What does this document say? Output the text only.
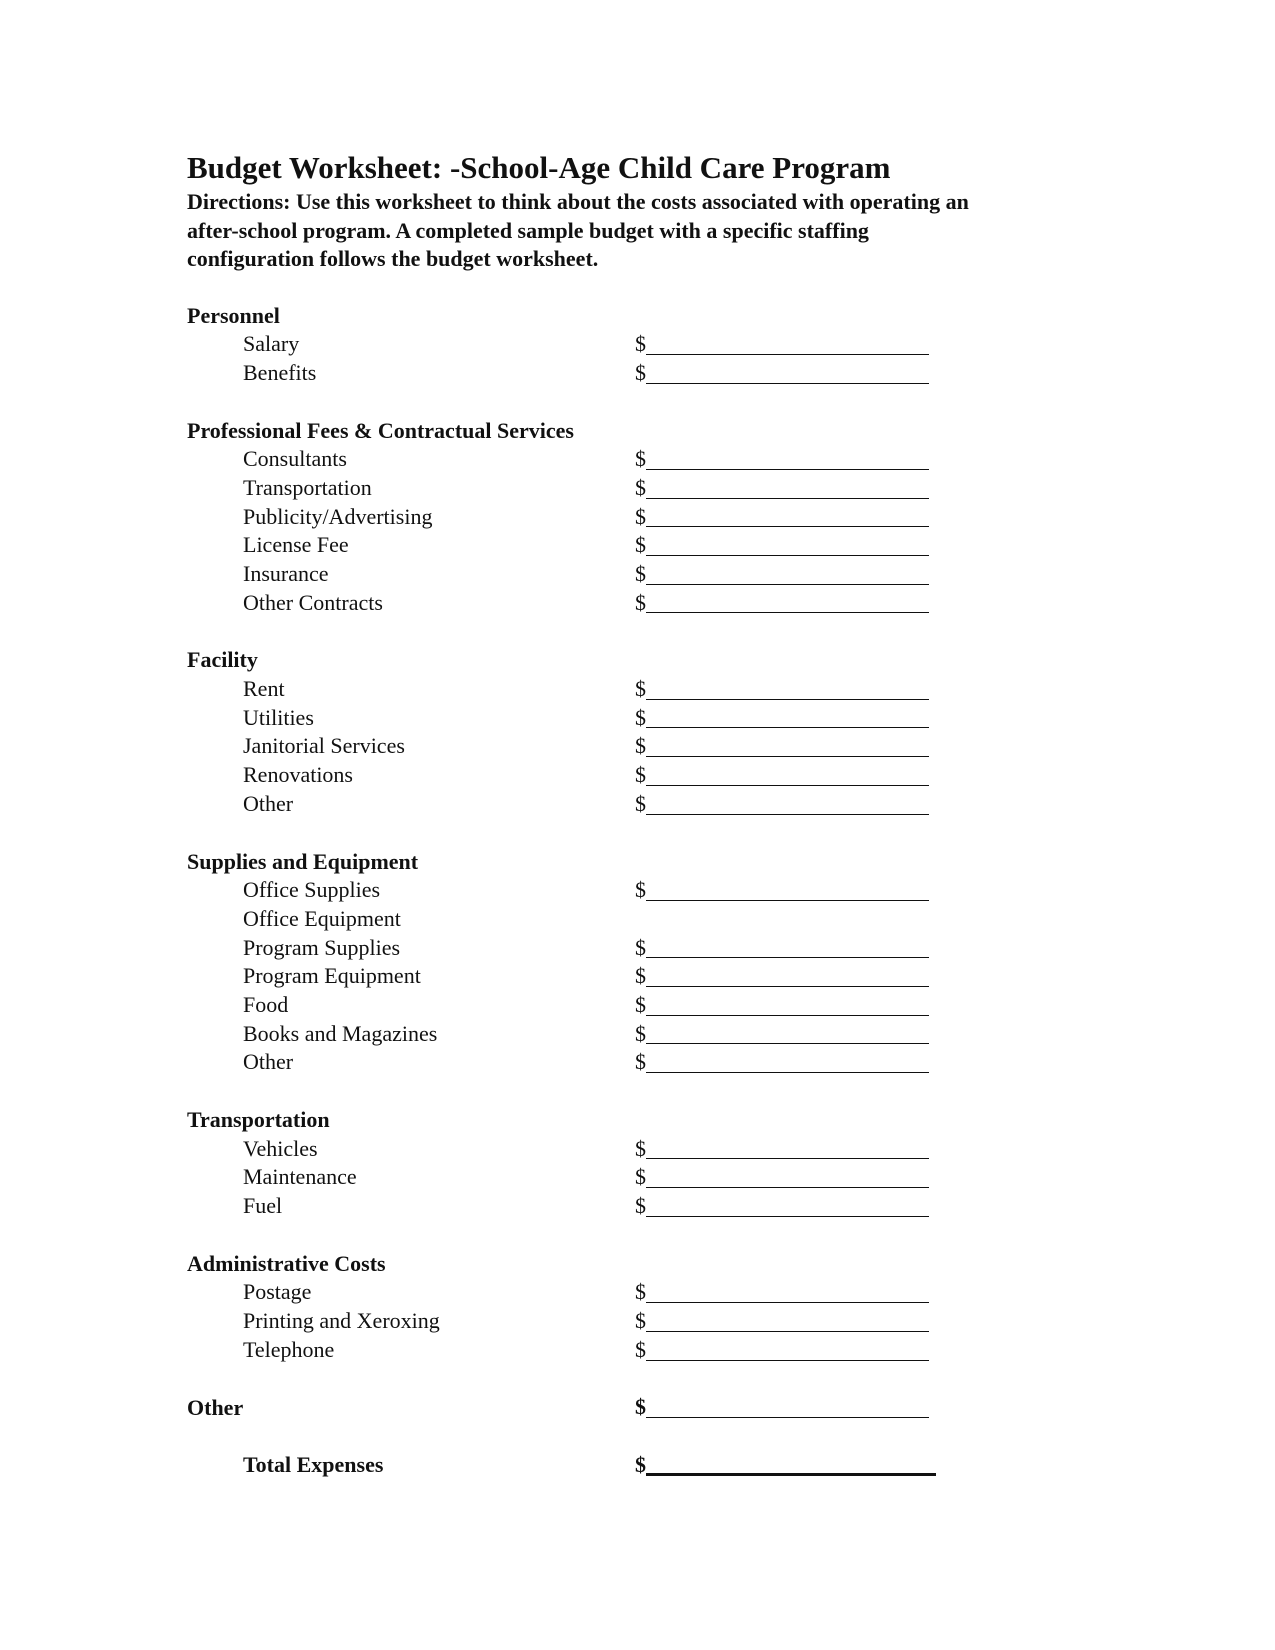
Budget Worksheet: -School-Age Child Care Program

Directions: Use this worksheet to think about the costs associated with operating an
after-school program. A completed sample budget with a specific staffing
configuration follows the budget worksheet.

Personnel
Salary	$
Benefits	$
Professional Fees & Contractual Services
Consultants	$
Transportation	$
Publicity/Advertising	$
License Fee	$
Insurance	$
Other Contracts	$
Facility
Rent	$
Utilities	$
Janitorial Services	$
Renovations	$
Other	$
Supplies and Equipment
Office Supplies	$
Office Equipment
Program Supplies	$
Program Equipment	$
Food	$
Books and Magazines	$
Other	$
Transportation
Vehicles	$
Maintenance	$
Fuel	$
Administrative Costs
Postage	$
Printing and Xeroxing	$
Telephone	$
Other	$
Total Expenses	$
